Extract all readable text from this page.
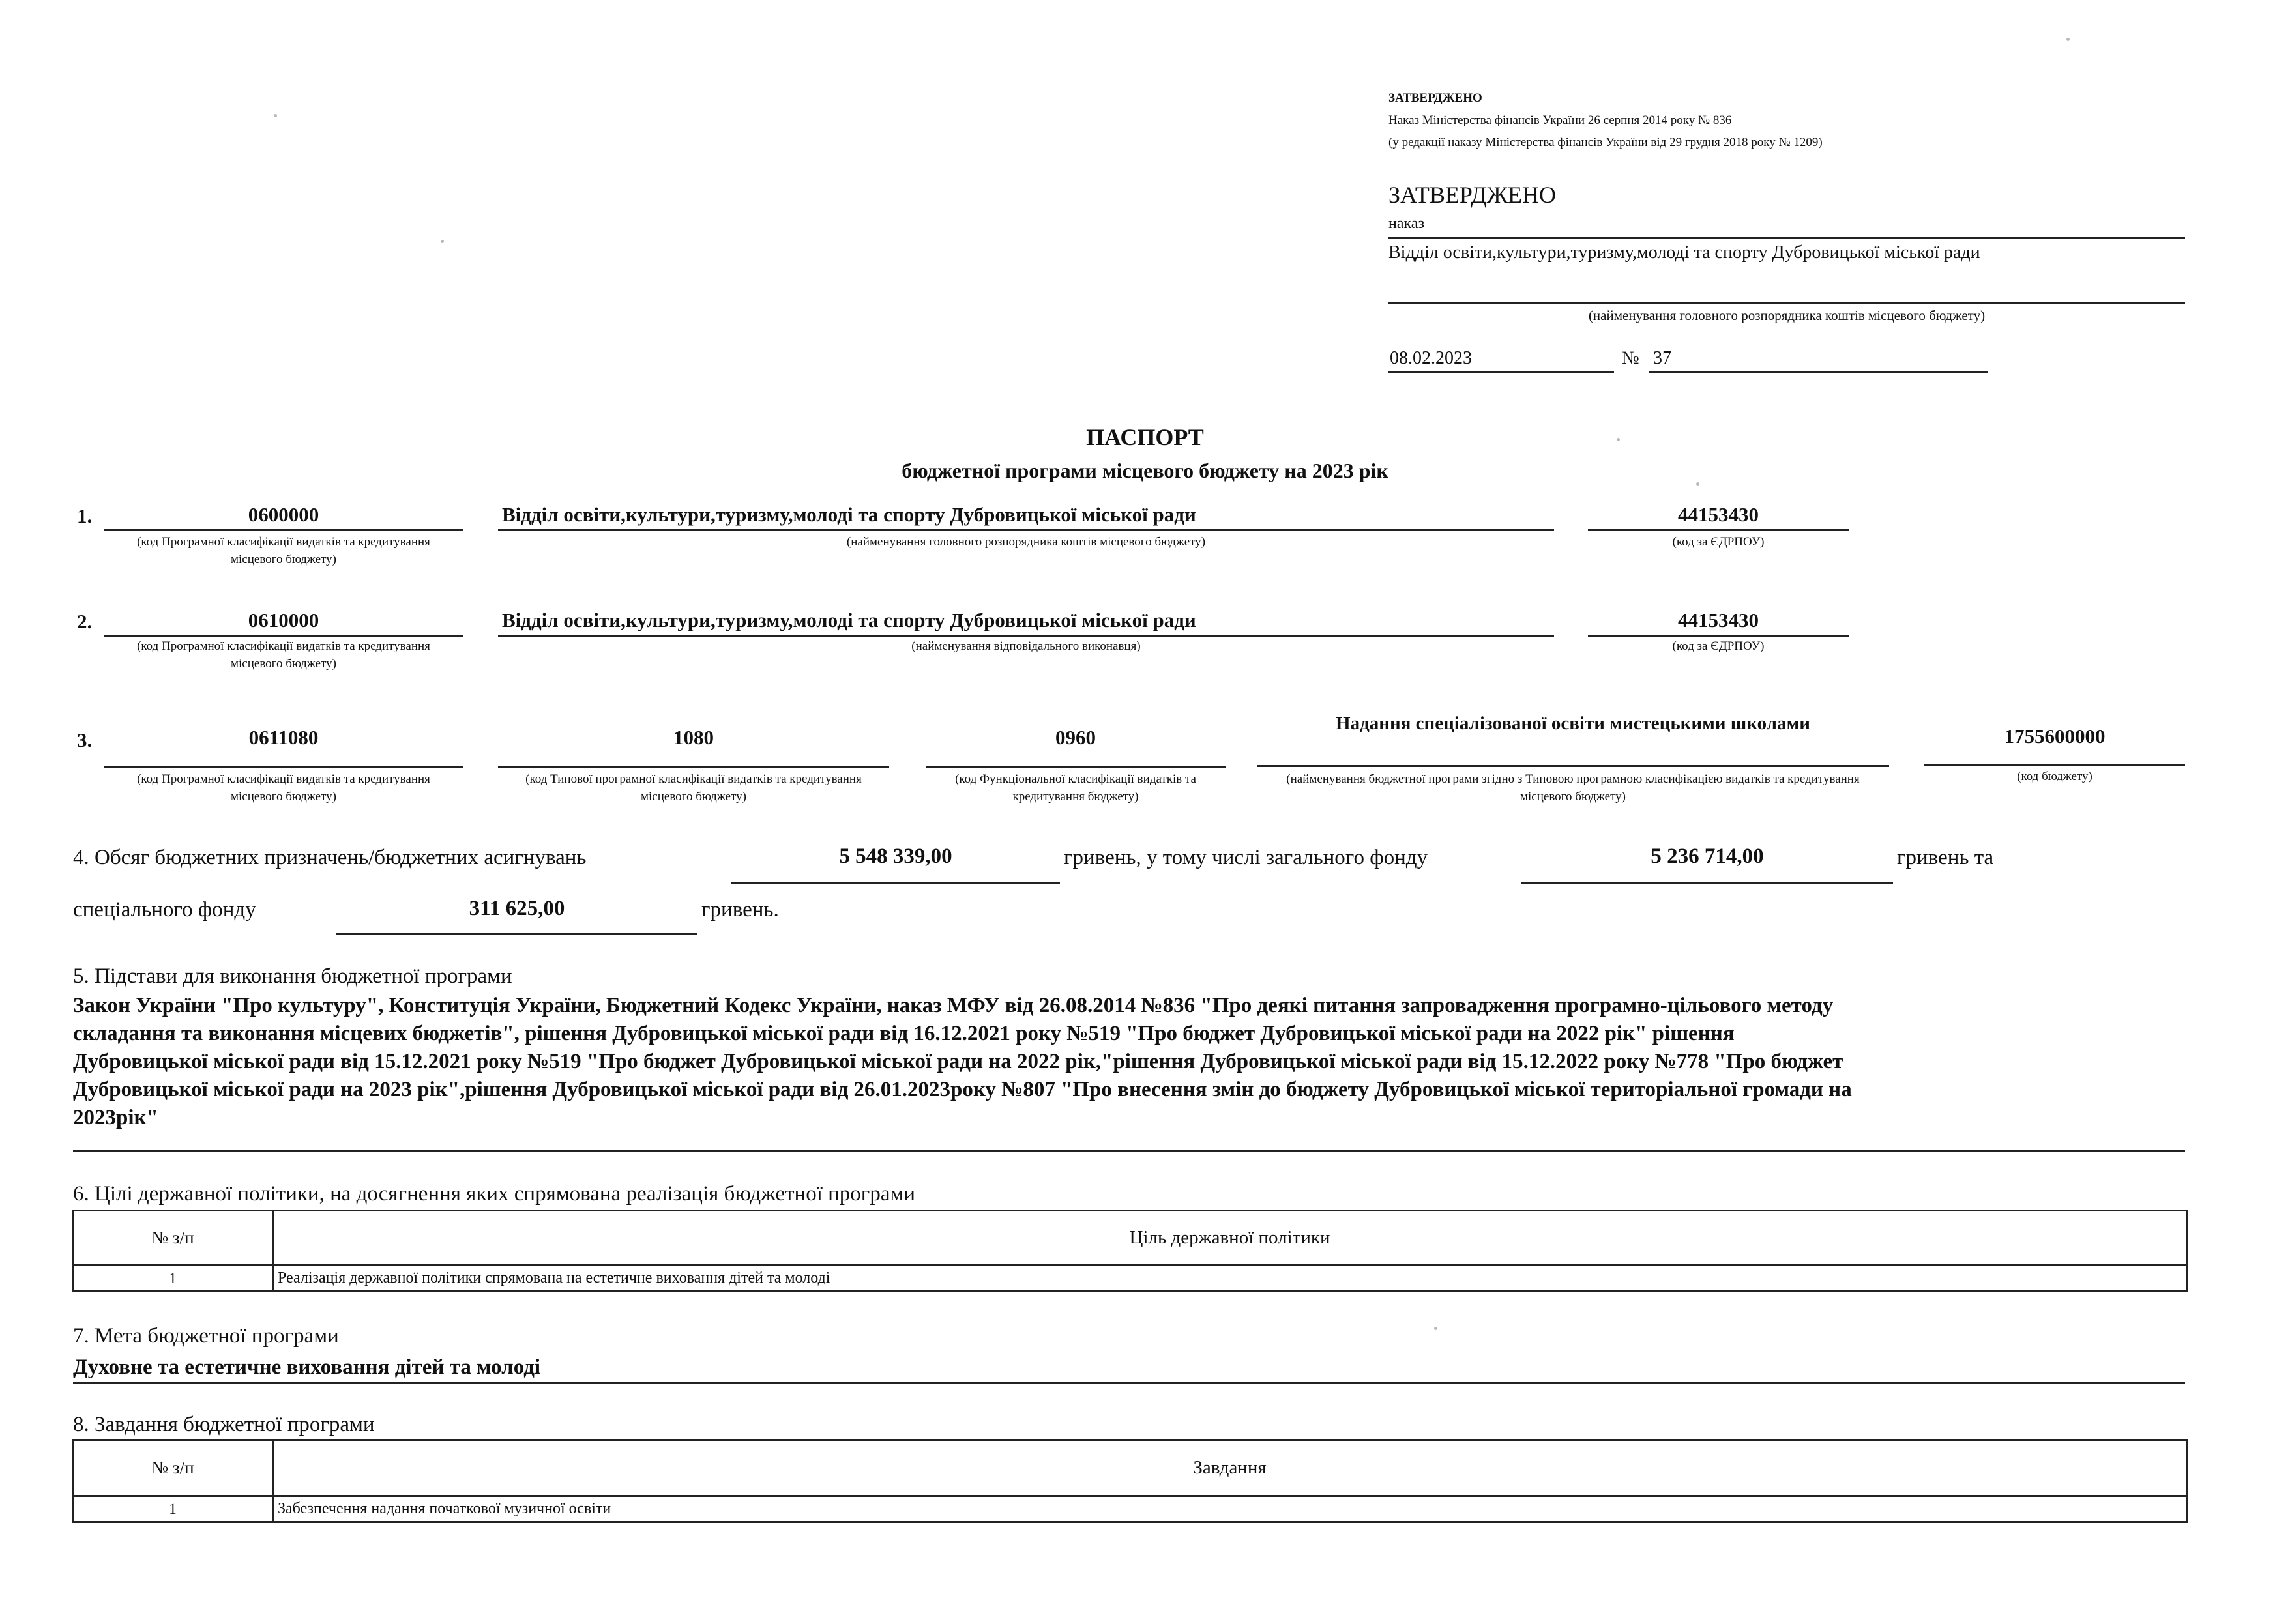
ЗАТВЕРДЖЕНО
Наказ Міністерства фінансів України 26 серпня 2014 року № 836
(у редакції наказу Міністерства фінансів України від 29 грудня 2018 року № 1209)
ЗАТВЕРДЖЕНО
наказ
Відділ освіти,культури,туризму,молоді та спорту Дубровицької міської ради
(найменування головного розпорядника коштів місцевого бюджету)
08.02.2023	№ 37
ПАСПОРТ
бюджетної програми місцевого бюджету на 2023 рік
1.	0600000
(код Програмної класифікації видатків та кредитування місцевого бюджету)
Відділ освіти,культури,туризму,молоді та спорту Дубровицької міської ради
(найменування головного розпорядника коштів місцевого бюджету)
44153430
(код за ЄДРПОУ)
2.	0610000
(код Програмної класифікації видатків та кредитування місцевого бюджету)
Відділ освіти,культури,туризму,молоді та спорту Дубровицької міської ради
(найменування відповідального виконавця)
44153430
(код за ЄДРПОУ)
3.	0611080
(код Програмної класифікації видатків та кредитування місцевого бюджету)
1080
(код Типової програмної класифікації видатків та кредитування місцевого бюджету)
0960
(код Функціональної класифікації видатків та кредитування бюджету)
Надання спеціалізованої освіти мистецькими школами
(найменування бюджетної програми згідно з Типовою програмною класифікацією видатків та кредитування місцевого бюджету)
1755600000
(код бюджету)
4. Обсяг бюджетних призначень/бюджетних асигнувань	5 548 339,00	гривень, у тому числі загального фонду	5 236 714,00	гривень та
спеціального фонду	311 625,00	гривень.
5. Підстави для виконання бюджетної програми
Закон України "Про культуру", Конституція України, Бюджетний Кодекс України, наказ МФУ від 26.08.2014 №836 "Про деякі питання запровадження програмно-цільового методу
складання та виконання місцевих бюджетів", рішення Дубровицької міської ради від 16.12.2021 року №519 "Про бюджет Дубровицької міської ради на 2022 рік" рішення
Дубровицької міської ради від 15.12.2021 року №519 "Про бюджет Дубровицької міської ради на 2022 рік,"рішення Дубровицької міської ради від 15.12.2022 року №778 "Про бюджет
Дубровицької міської ради на 2023 рік",рішення Дубровицької міської ради від 26.01.2023року №807 "Про внесення змін до бюджету Дубровицької міської територіальної громади на
2023рік"
6. Цілі державної політики, на досягнення яких спрямована реалізація бюджетної програми
№ з/п	Ціль державної політики
1	Реалізація державної політики спрямована на естетичне виховання дітей та молоді
7. Мета бюджетної програми
Духовне та естетичне виховання дітей та молоді
8. Завдання бюджетної програми
№ з/п	Завдання
1	Забезпечення надання початкової музичної освіти
